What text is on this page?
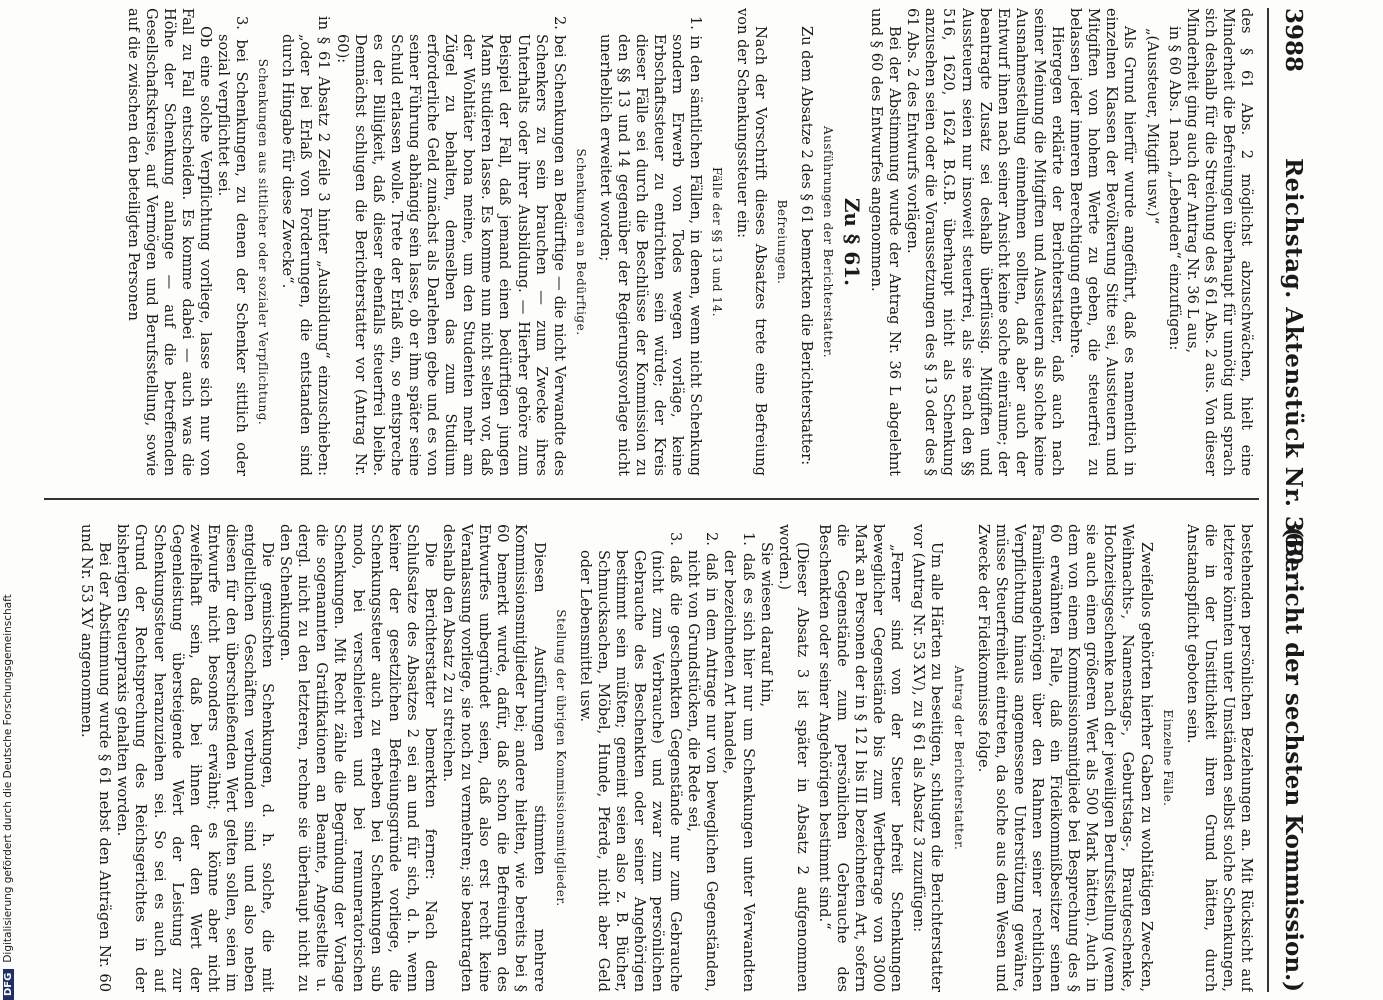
3988
Reichstag. Aktenstück Nr. 360.
(Bericht der sechsten Kommission.)

des § 61 Abs. 2 möglichst abzuschwächen, hielt eine Minderheit die Befreiungen überhaupt für unnötig und sprach sich deshalb für die Streichung des § 61 Abs. 2 aus. Von dieser Minderheit ging auch der Antrag Nr. 36 L aus,

in § 60 Abs. 1 nach „Lebenden“ einzufügen:

„(Aussteuer, Mitgift usw.)“

Als Grund hierfür wurde angeführt, daß es namentlich in einzelnen Klassen der Bevölkerung Sitte sei, Aussteuern und Mitgiften von hohem Werte zu geben, die steuerfrei zu belassen jeder inneren Berechtigung entbehre.

Hiergegen erklärte der Berichterstatter, daß auch nach seiner Meinung die Mitgiften und Aussteuern als solche keine Ausnahmestellung einnehmen sollten, daß aber auch der Entwurf ihnen nach seiner Ansicht keine solche einräume; der beantragte Zusatz sei deshalb überflüssig. Mitgiften und Aussteuern seien nur insoweit steuerfrei, als sie nach den §§ 516, 1620, 1624 B.G.B. überhaupt nicht als Schenkung anzusehen seien oder die Voraussetzungen des § 13 oder des § 61 Abs. 2 des Entwurfs vorlägen.

Bei der Abstimmung wurde der Antrag Nr. 36 L abgelehnt und § 60 des Entwurfes angenommen.

Zu § 61.
Ausführungen der Berichterstatter.

Zu dem Absatze 2 des § 61 bemerkten die Berichterstatter:

Befreiungen.

Nach der Vorschrift dieses Absatzes trete eine Befreiung von der Schenkungssteuer ein:

Fälle der §§ 13 und 14.

1. in den sämtlichen Fällen, in denen, wenn nicht Schenkung sondern Erwerb von Todes wegen vorläge, keine Erbschaftssteuer zu entrichten sein würde; der Kreis dieser Fälle sei durch die Beschlüsse der Kommission zu den §§ 13 und 14 gegenüber der Regierungsvorlage nicht unerheblich erweitert worden;

Schenkungen an Bedürftige.

2. bei Schenkungen an Bedürftige — die nicht Verwandte des Schenkers zu sein brauchen — zum Zwecke ihres Unterhalts oder ihrer Ausbildung. — Hierher gehöre zum Beispiel der Fall, daß jemand einen bedürftigen jungen Mann studieren lasse. Es komme nun nicht selten vor, daß der Wohltäter bona meine, um den Studenten mehr am Zügel zu behalten, demselben das zum Studium erforderliche Geld zunächst als Darlehen gebe und es von seiner Führung abhängig sein lasse, ob er ihm später seine Schuld erlassen wolle. Trete der Erlaß ein, so entspreche es der Billigkeit, daß dieser ebenfalls steuerfrei bleibe. Demnächst schlugen die Berichterstatter vor (Antrag Nr. 60):

in § 61 Absatz 2 Zeile 3 hinter „Ausbildung“ einzuschieben: „oder bei Erlaß von Forderungen, die entstanden sind durch Hingabe für diese Zwecke“.

Schenkungen aus sittlicher oder sozialer Verpflichtung.

3. bei Schenkungen, zu denen der Schenker sittlich oder sozial verpflichtet sei.

Ob eine solche Verpflichtung vorliege, lasse sich nur von Fall zu Fall entscheiden. Es komme dabei — auch was die Höhe der Schenkung anlange — auf die betreffenden Gesellschaftskreise, auf Vermögen und Berufsstellung, sowie auf die zwischen den beteiligten Personen

bestehenden persönlichen Beziehungen an. Mit Rücksicht auf letztere könnten unter Umständen selbst solche Schenkungen, die in der Unsittlichkeit ihren Grund hätten, durch Anstandspflicht geboten sein.

Einzelne Fälle.

Zweifellos gehörten hierher Gaben zu wohltätigen Zwecken, Weihnachts-, Namenstags-, Geburtstags-, Brautgeschenke, Hochzeitsgeschenke nach der jeweiligen Berufsstellung (wenn sie auch einen größeren Wert als 500 Mark hätten). Auch in dem von einem Kommissionsmitgliede bei Besprechung des § 60 erwähnten Falle, daß ein Fideikommißbesitzer seinen Familienangehörigen über den Rahmen seiner rechtlichen Verpflichtung hinaus angemessene Unterstützung gewähre, müsse Steuerfreiheit eintreten, da solche aus dem Wesen und Zwecke der Fideikommisse folge.

Antrag der Berichterstatter.

Um alle Härten zu beseitigen, schlugen die Berichterstatter vor (Antrag Nr. 53 XV), zu § 61 als Absatz 3 zuzufügen:

„Ferner sind von der Steuer befreit Schenkungen beweglicher Gegenstände bis zum Wertbetrage von 3000 Mark an Personen der in § 12 I bis III bezeichneten Art, sofern die Gegenstände zum persönlichen Gebrauche des Beschenkten oder seiner Angehörigen bestimmt sind.“

(Dieser Absatz 3 ist später in Absatz 2 aufgenommen worden.)

Sie wiesen darauf hin,

1. daß es sich hier nur um Schenkungen unter Verwandten der bezeichneten Art handele,

2. daß in dem Antrage nur von beweglichen Gegenständen, nicht von Grundstücken, die Rede sei,

3. daß die geschenkten Gegenstände nur zum Gebrauche (nicht zum Verbrauche) und zwar zum persönlichen Gebrauche des Beschenkten oder seiner Angehörigen bestimmt sein müßten; gemeint seien also z. B. Bücher, Schmucksachen, Möbel, Hunde, Pferde, nicht aber Geld oder Lebensmittel usw.

Stellung der übrigen Kommissionsmitglieder.

Diesen Ausführungen stimmten mehrere Kommissionsmitglieder bei; andere hielten, wie bereits bei § 60 bemerkt wurde, dafür, daß schon die Befreiungen des Entwurfes unbegründet seien, daß also erst recht keine Veranlassung vorliege, sie noch zu vermehren; sie beantragten deshalb den Absatz 2 zu streichen.

Die Berichterstatter bemerkten ferner: Nach dem Schlußsatze des Absatzes 2 sei an und für sich, d. h. wenn keiner der gesetzlichen Befreiungsgründe vorliege, die Schenkungssteuer auch zu erheben bei Schenkungen sub modo, bei verschleierten und bei remuneratorischen Schenkungen. Mit Recht zähle die Begründung der Vorlage die sogenannten Gratifikationen an Beamte, Angestellte u. dergl. nicht zu den letzteren, rechne sie überhaupt nicht zu den Schenkungen.

Die gemischten Schenkungen, d. h. solche, die mit entgeltlichen Geschäften verbunden sind und also neben diesen für den überschießenden Wert gelten sollen, seien im Entwurfe nicht besonders erwähnt; es könne aber nicht zweifelhaft sein, daß bei ihnen der den Wert der Gegenleistung übersteigende Wert der Leistung zur Schenkungssteuer heranzuziehen sei. So sei es auch auf Grund der Rechtsprechung des Reichsgerichtes in der bisherigen Steuerpraxis gehalten worden.

Bei der Abstimmung wurde § 61 nebst den Anträgen Nr. 60 und Nr. 53 XV angenommen.

DFGDigitalisierung gefördert durch die Deutsche Forschungsgemeinschaft
